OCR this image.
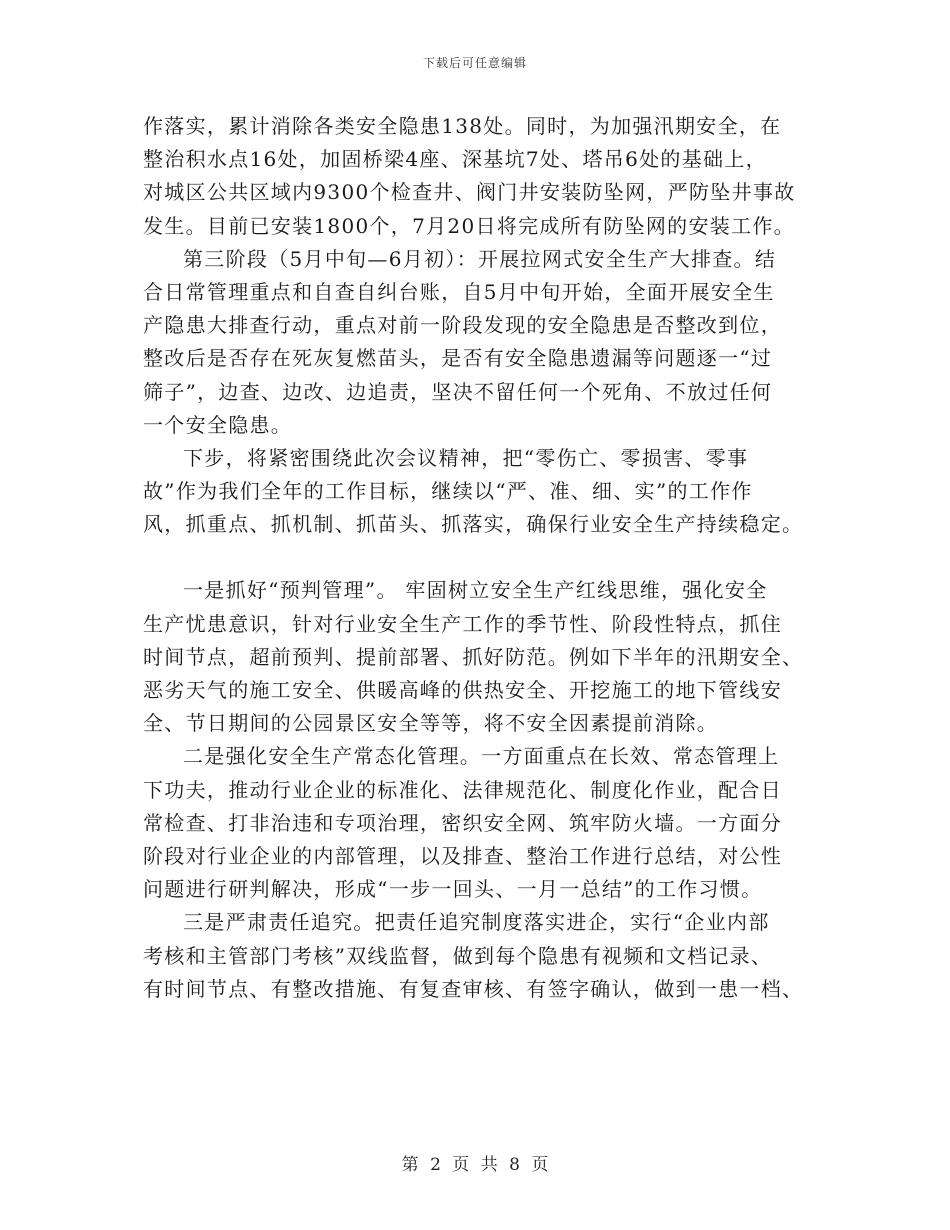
下载后可任意编辑
作落实，累计消除各类安全隐患138处。同时，为加强汛期安全，在
整治积水点16处，加固桥梁4座、深基坑7处、塔吊6处的基础上，
对城区公共区域内9300个检查井、阀门井安装防坠网，严防坠井事故
发生。目前已安装1800个，7月20日将完成所有防坠网的安装工作。
第三阶段（5月中旬—6月初）：开展拉网式安全生产大排查。结
合日常管理重点和自查自纠台账，自5月中旬开始，全面开展安全生
产隐患大排查行动，重点对前一阶段发现的安全隐患是否整改到位，
整改后是否存在死灰复燃苗头，是否有安全隐患遗漏等问题逐一“过
筛子”，边查、边改、边追责，坚决不留任何一个死角、不放过任何
一个安全隐患。
下步，将紧密围绕此次会议精神，把“零伤亡、零损害、零事
故”作为我们全年的工作目标，继续以“严、准、细、实”的工作作
风，抓重点、抓机制、抓苗头、抓落实，确保行业安全生产持续稳定。
一是抓好“预判管理”。 牢固树立安全生产红线思维，强化安全
生产忧患意识，针对行业安全生产工作的季节性、阶段性特点，抓住
时间节点，超前预判、提前部署、抓好防范。例如下半年的汛期安全、
恶劣天气的施工安全、供暖高峰的供热安全、开挖施工的地下管线安
全、节日期间的公园景区安全等等，将不安全因素提前消除。
二是强化安全生产常态化管理。一方面重点在长效、常态管理上
下功夫，推动行业企业的标准化、法律规范化、制度化作业，配合日
常检查、打非治违和专项治理，密织安全网、筑牢防火墙。一方面分
阶段对行业企业的内部管理，以及排查、整治工作进行总结，对公性
问题进行研判解决，形成“一步一回头、一月一总结”的工作习惯。
三是严肃责任追究。把责任追究制度落实进企，实行“企业内部
考核和主管部门考核”双线监督，做到每个隐患有视频和文档记录、
有时间节点、有整改措施、有复查审核、有签字确认，做到一患一档、
第 2 页 共 8 页
